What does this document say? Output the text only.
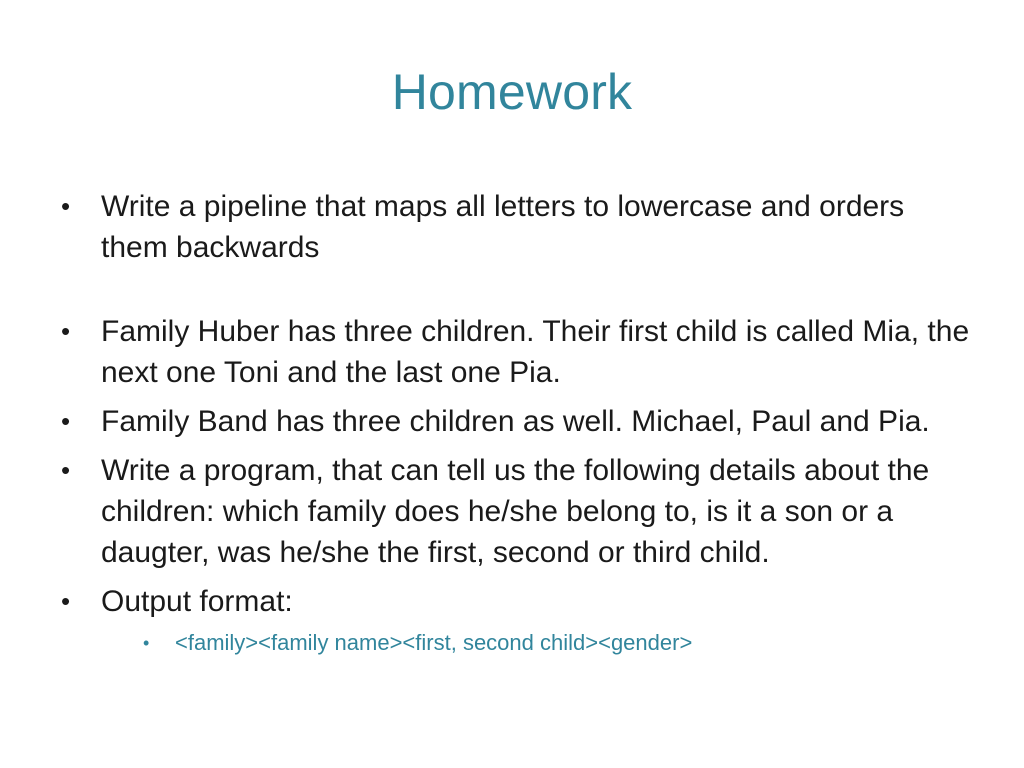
Homework
• Write a pipeline that maps all letters to lowercase and orders them backwards
• Family Huber has three children. Their first child is called Mia, the next one Toni and the last one Pia.
• Family Band has three children as well. Michael, Paul and Pia.
• Write a program, that can tell us the following details about the children: which family does he/she belong to, is it a son or a daugter, was he/she the first, second or third child.
• Output format:
• <family><family name><first, second child><gender>
